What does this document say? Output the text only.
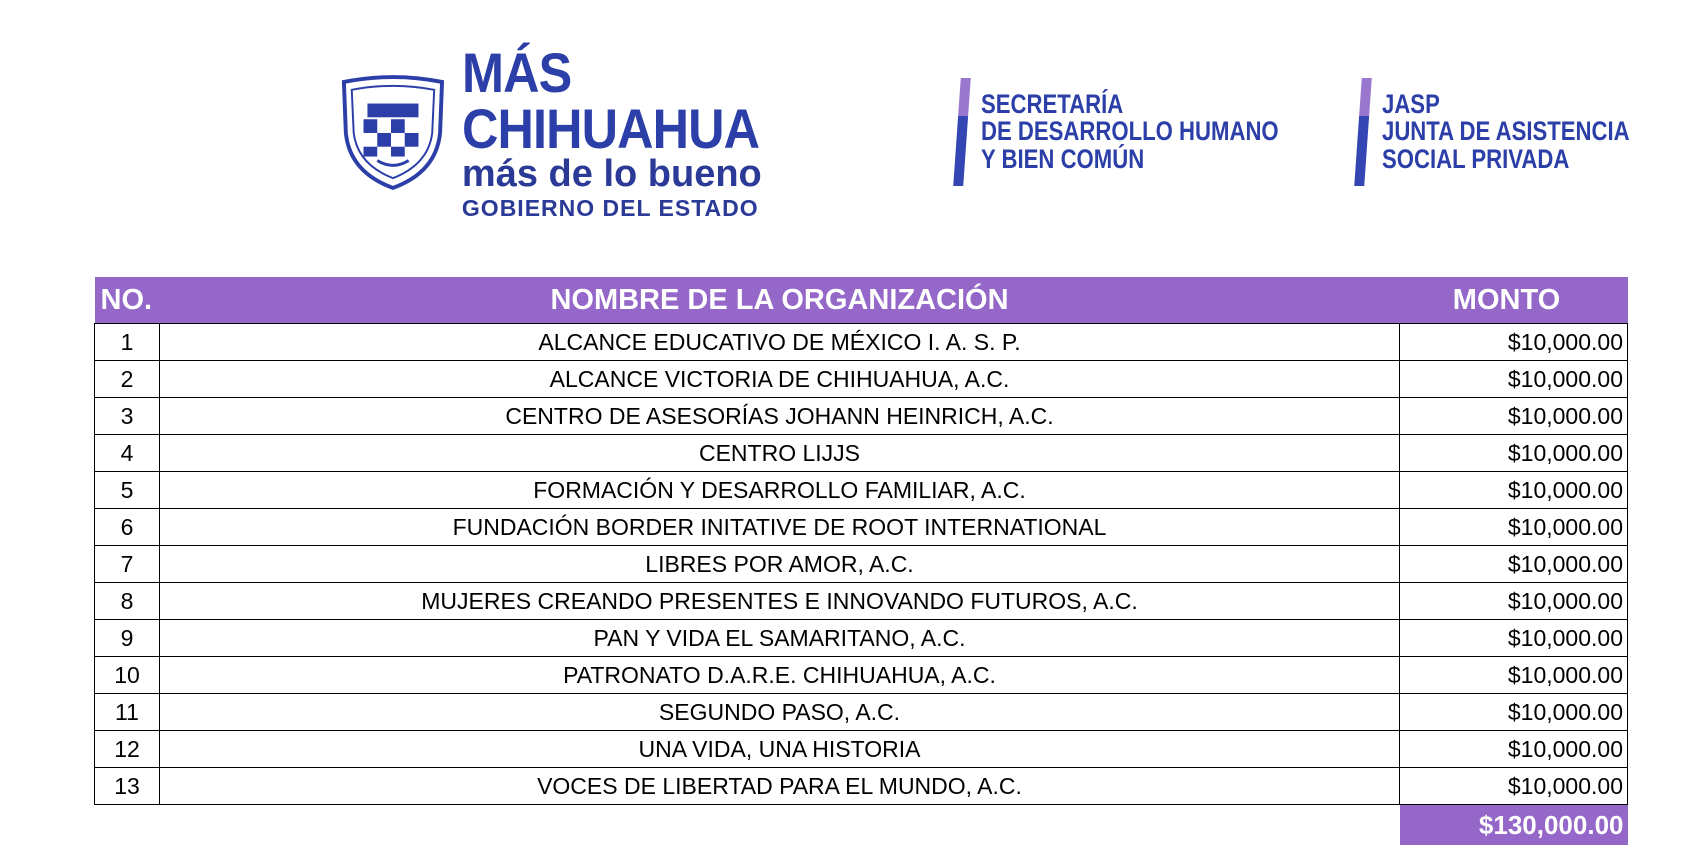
MÁS CHIHUAHUA
más de lo bueno
GOBIERNO DEL ESTADO
SECRETARÍA
DE DESARROLLO HUMANO
Y BIEN COMÚN
JASP
JUNTA DE ASISTENCIA
SOCIAL PRIVADA
NO.	NOMBRE DE LA ORGANIZACIÓN	MONTO
1	ALCANCE EDUCATIVO DE MÉXICO I. A. S. P.	$10,000.00
2	ALCANCE VICTORIA DE CHIHUAHUA, A.C.	$10,000.00
3	CENTRO DE ASESORÍAS JOHANN HEINRICH, A.C.	$10,000.00
4	CENTRO LIJJS	$10,000.00
5	FORMACIÓN Y DESARROLLO FAMILIAR, A.C.	$10,000.00
6	FUNDACIÓN BORDER INITATIVE DE ROOT INTERNATIONAL	$10,000.00
7	LIBRES POR AMOR, A.C.	$10,000.00
8	MUJERES CREANDO PRESENTES E INNOVANDO FUTUROS, A.C.	$10,000.00
9	PAN Y VIDA EL SAMARITANO, A.C.	$10,000.00
10	PATRONATO D.A.R.E. CHIHUAHUA, A.C.	$10,000.00
11	SEGUNDO PASO, A.C.	$10,000.00
12	UNA VIDA, UNA HISTORIA	$10,000.00
13	VOCES DE LIBERTAD PARA EL MUNDO, A.C.	$10,000.00
		$130,000.00
